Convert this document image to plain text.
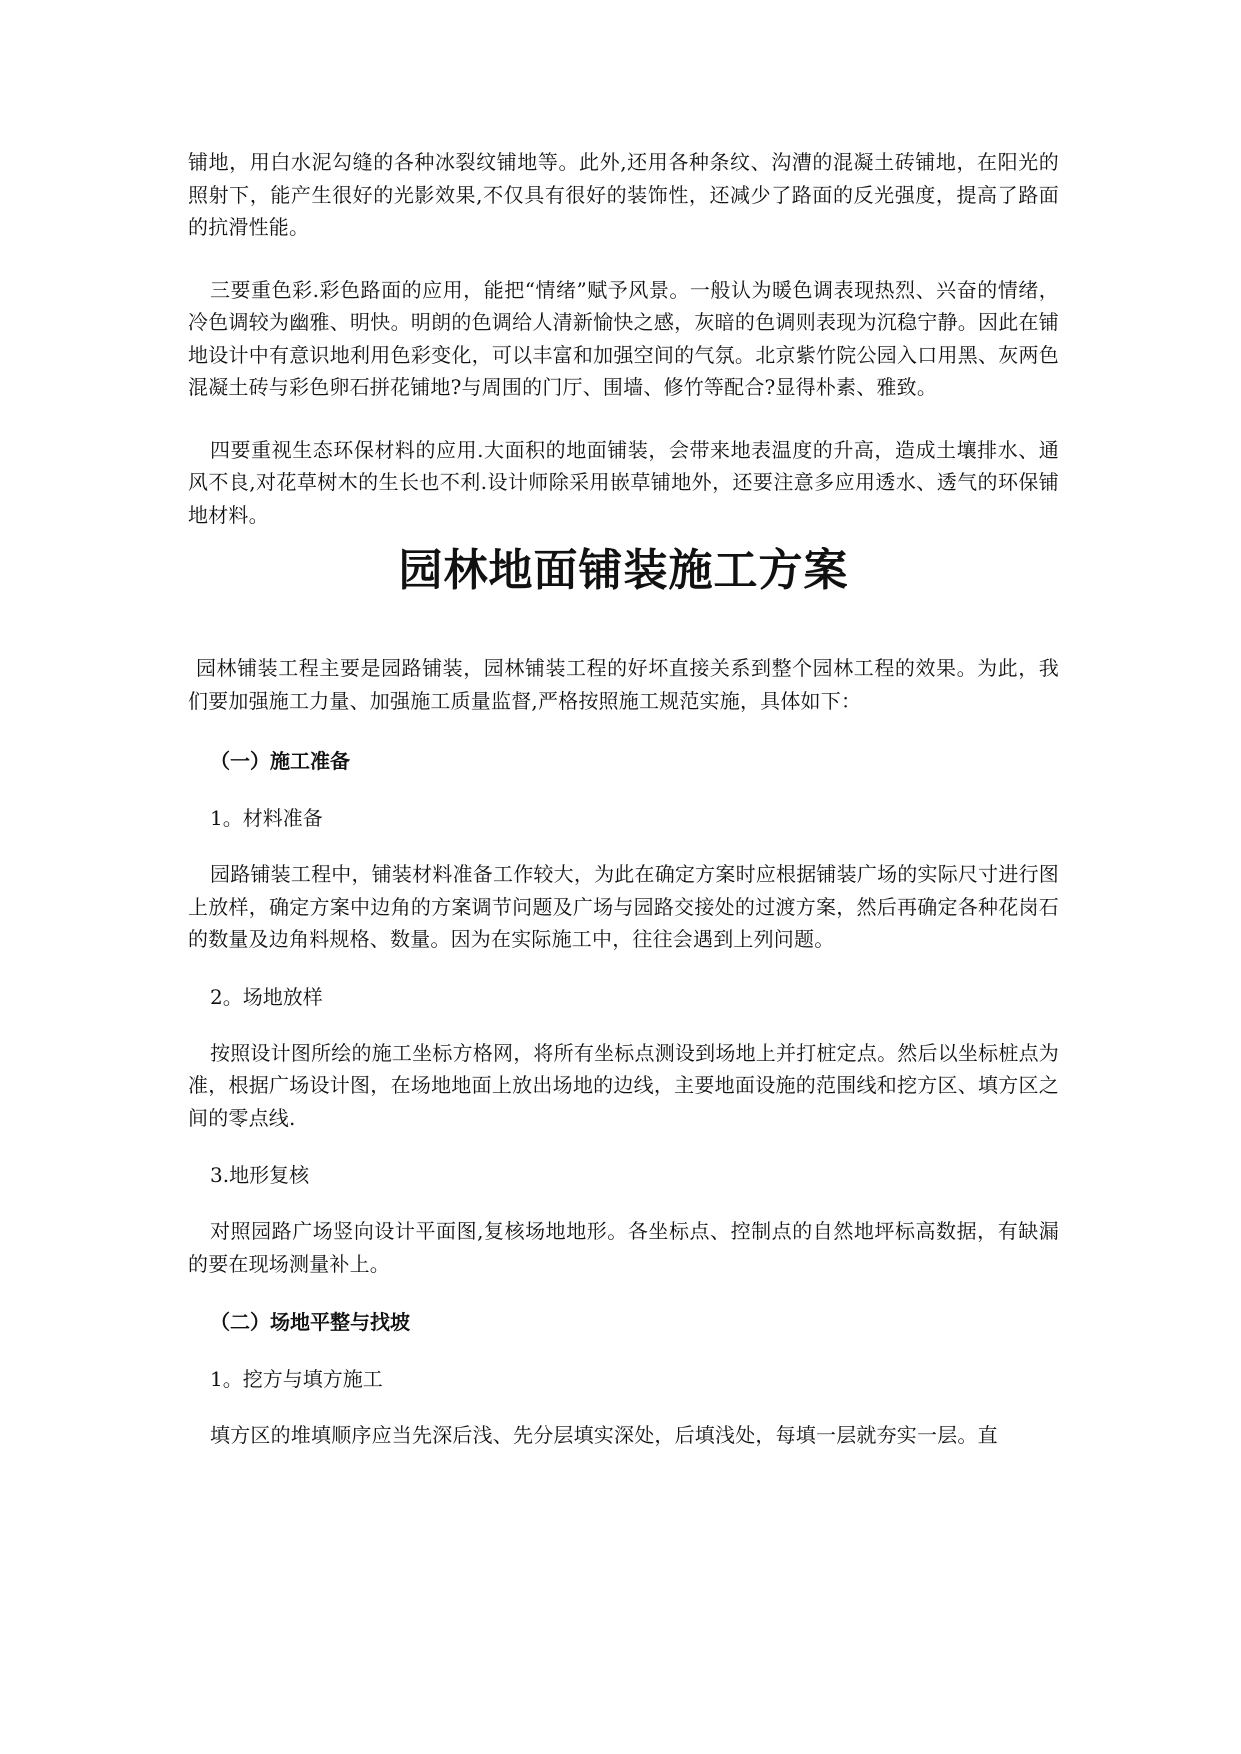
铺地，用白水泥勾缝的各种冰裂纹铺地等。此外,还用各种条纹、沟漕的混凝土砖铺地，在阳光的照射下，能产生很好的光影效果,不仅具有很好的装饰性，还减少了路面的反光强度，提高了路面的抗滑性能。

三要重色彩.彩色路面的应用，能把“情绪”赋予风景。一般认为暖色调表现热烈、兴奋的情绪，冷色调较为幽雅、明快。明朗的色调给人清新愉快之感，灰暗的色调则表现为沉稳宁静。因此在铺地设计中有意识地利用色彩变化，可以丰富和加强空间的气氛。北京紫竹院公园入口用黑、灰两色混凝土砖与彩色卵石拼花铺地?与周围的门厅、围墙、修竹等配合?显得朴素、雅致。

四要重视生态环保材料的应用.大面积的地面铺装，会带来地表温度的升高，造成土壤排水、通风不良,对花草树木的生长也不利.设计师除采用嵌草铺地外，还要注意多应用透水、透气的环保铺地材料。

园林地面铺装施工方案

园林铺装工程主要是园路铺装，园林铺装工程的好坏直接关系到整个园林工程的效果。为此，我们要加强施工力量、加强施工质量监督,严格按照施工规范实施，具体如下：

（一）施工准备

1。材料准备

园路铺装工程中，铺装材料准备工作较大，为此在确定方案时应根据铺装广场的实际尺寸进行图上放样，确定方案中边角的方案调节问题及广场与园路交接处的过渡方案，然后再确定各种花岗石的数量及边角料规格、数量。因为在实际施工中，往往会遇到上列问题。

2。场地放样

按照设计图所绘的施工坐标方格网，将所有坐标点测设到场地上并打桩定点。然后以坐标桩点为准，根据广场设计图，在场地地面上放出场地的边线，主要地面设施的范围线和挖方区、填方区之间的零点线.

3.地形复核

对照园路广场竖向设计平面图,复核场地地形。各坐标点、控制点的自然地坪标高数据，有缺漏的要在现场测量补上。

（二）场地平整与找坡

1。挖方与填方施工

填方区的堆填顺序应当先深后浅、先分层填实深处，后填浅处，每填一层就夯实一层。直
